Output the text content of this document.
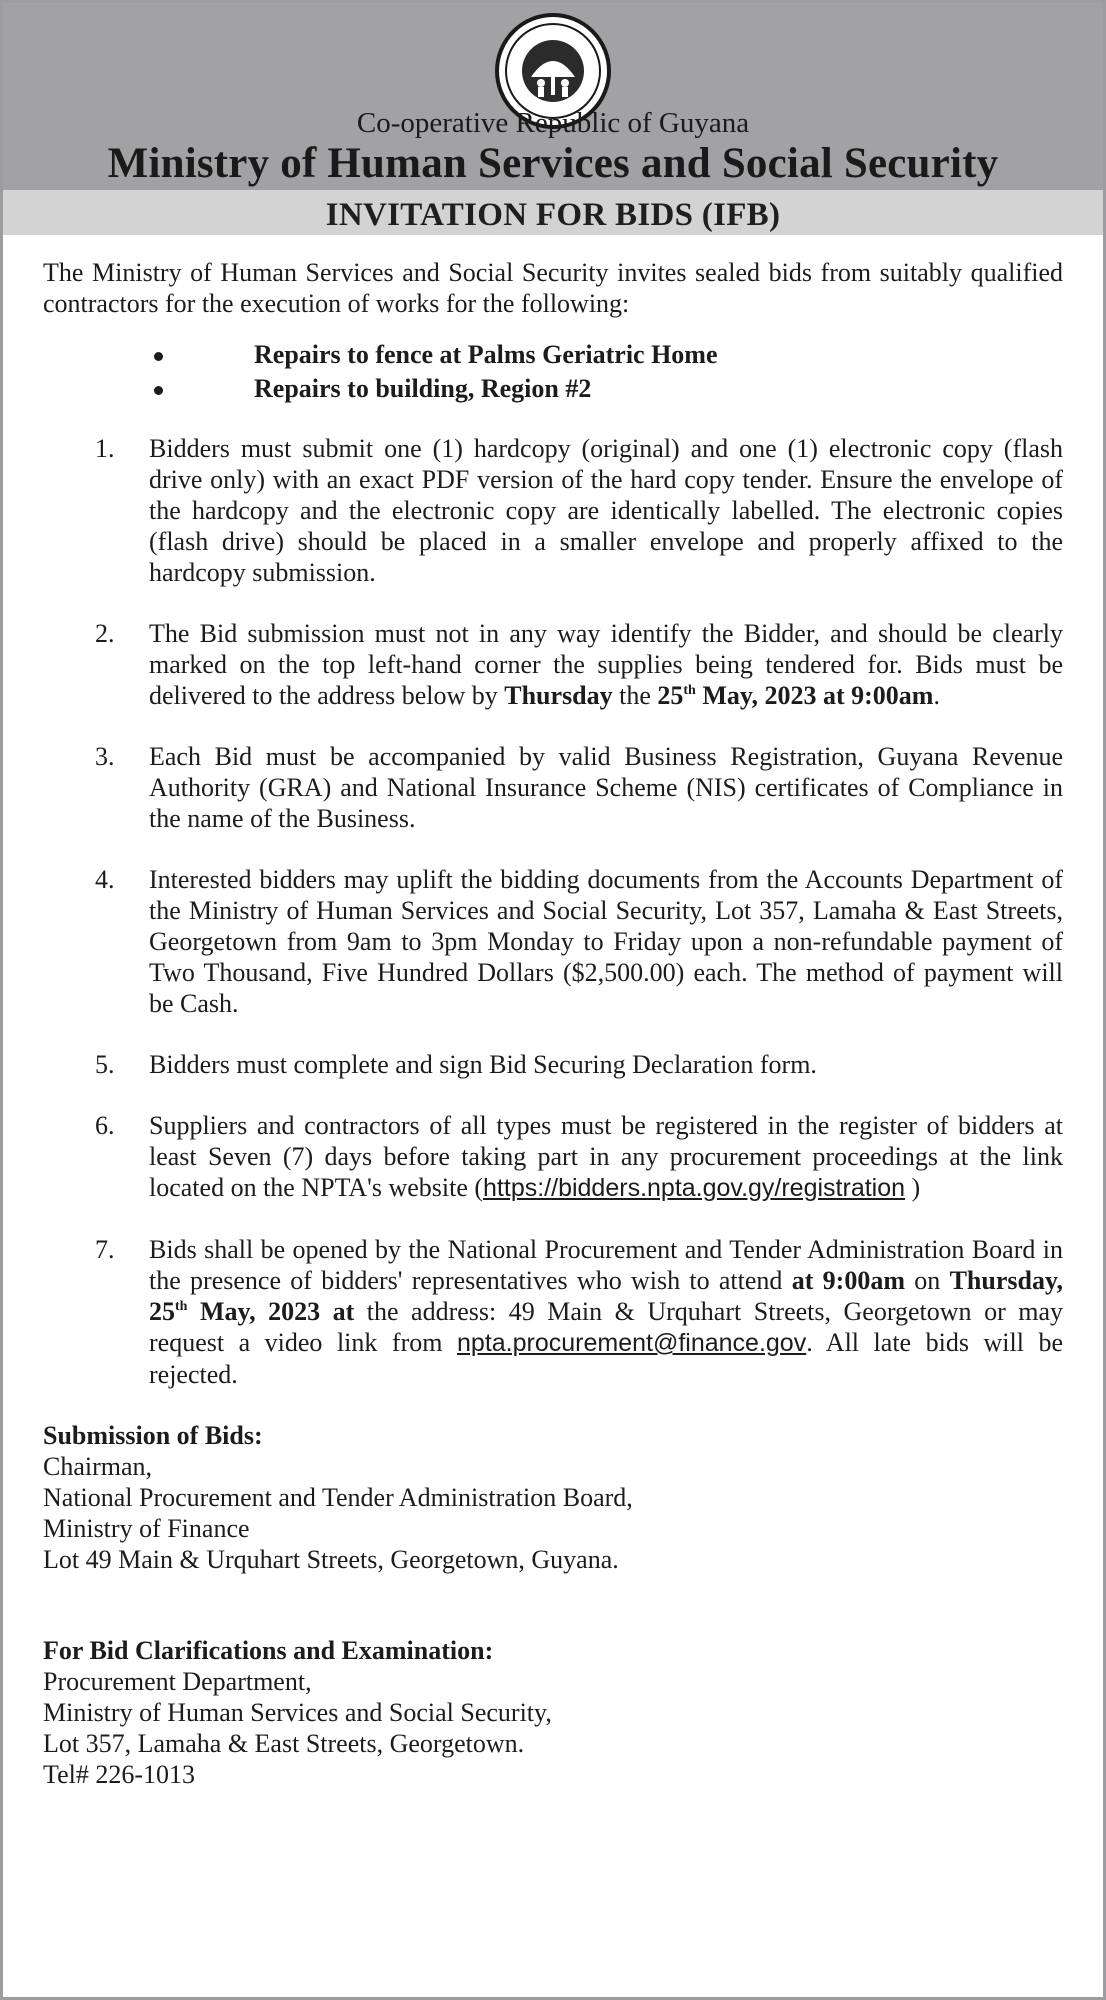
Co-operative Republic of Guyana
Ministry of Human Services and Social Security
INVITATION FOR BIDS (IFB)

The Ministry of Human Services and Social Security invites sealed bids from suitably qualified contractors for the execution of works for the following:

Repairs to fence at Palms Geriatric Home
Repairs to building, Region #2
1. Bidders must submit one (1) hardcopy (original) and one (1) electronic copy (flash drive only) with an exact PDF version of the hard copy tender. Ensure the envelope of the hardcopy and the electronic copy are identically labelled. The electronic copies (flash drive) should be placed in a smaller envelope and properly affixed to the hardcopy submission.
2. The Bid submission must not in any way identify the Bidder, and should be clearly marked on the top left-hand corner the supplies being tendered for. Bids must be delivered to the address below by Thursday the 25th May, 2023 at 9:00am.
3. Each Bid must be accompanied by valid Business Registration, Guyana Revenue Authority (GRA) and National Insurance Scheme (NIS) certificates of Compliance in the name of the Business.
4. Interested bidders may uplift the bidding documents from the Accounts Department of the Ministry of Human Services and Social Security, Lot 357, Lamaha & East Streets, Georgetown from 9am to 3pm Monday to Friday upon a non-refundable payment of Two Thousand, Five Hundred Dollars ($2,500.00) each. The method of payment will be Cash.
5. Bidders must complete and sign Bid Securing Declaration form.
6. Suppliers and contractors of all types must be registered in the register of bidders at least Seven (7) days before taking part in any procurement proceedings at the link located on the NPTA's website (https://bidders.npta.gov.gy/registration )
7. Bids shall be opened by the National Procurement and Tender Administration Board in the presence of bidders' representatives who wish to attend at 9:00am on Thursday, 25th May, 2023 at the address: 49 Main & Urquhart Streets, Georgetown or may request a video link from npta.procurement@finance.gov. All late bids will be rejected.
Submission of Bids:
Chairman,
National Procurement and Tender Administration Board,
Ministry of Finance
Lot 49 Main & Urquhart Streets, Georgetown, Guyana.
For Bid Clarifications and Examination:
Procurement Department,
Ministry of Human Services and Social Security,
Lot 357, Lamaha & East Streets, Georgetown.
Tel# 226-1013
